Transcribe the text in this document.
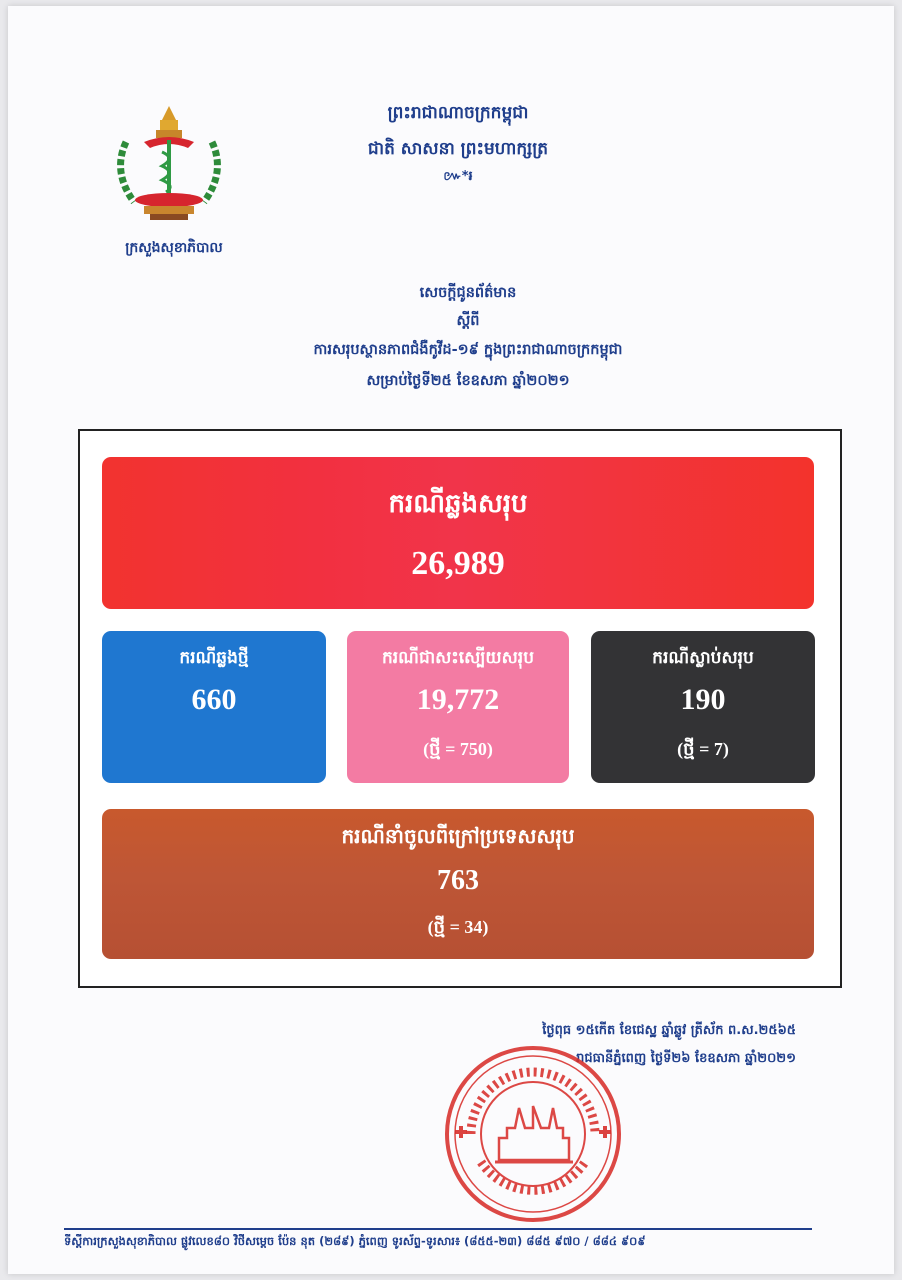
ក្រសួងសុខាភិបាល
ព្រះរាជាណាចក្រកម្ពុជា
ជាតិ សាសនា ព្រះមហាក្សត្រ
៚*៛
សេចក្តីជូនព័ត៌មាន
ស្តីពី
ការសរុបស្ថានភាពជំងឺកូវីដ-១៩ ក្នុងព្រះរាជាណាចក្រកម្ពុជា
សម្រាប់ថ្ងៃទី២៥ ខែឧសភា ឆ្នាំ២០២១
ករណីឆ្លងសរុប
26,989
ករណីឆ្លងថ្មី
660
ករណីជាសះស្បើយសរុប
19,772
(ថ្មី = 750)
ករណីស្លាប់សរុប
190
(ថ្មី = 7)
ករណីនាំចូលពីក្រៅប្រទេសសរុប
763
(ថ្មី = 34)
ថ្ងៃពុធ ១៥កើត ខែជេស្ឋ ឆ្នាំឆ្លូវ ត្រីស័ក ព.ស.២៥៦៥
រាជធានីភ្នំពេញ ថ្ងៃទី២៦ ខែឧសភា ឆ្នាំ២០២១
ទីស្តីការក្រសួងសុខាភិបាល ផ្លូវលេខ៨០ វិថីសម្តេច ប៉ែន នុត (២៨៩) ភ្នំពេញ ទូរស័ព្ទ-ទូរសារ៖ (៨៥៥-២៣) ៨៨៥ ៩៧០ / ៨៨៤ ៩០៩
